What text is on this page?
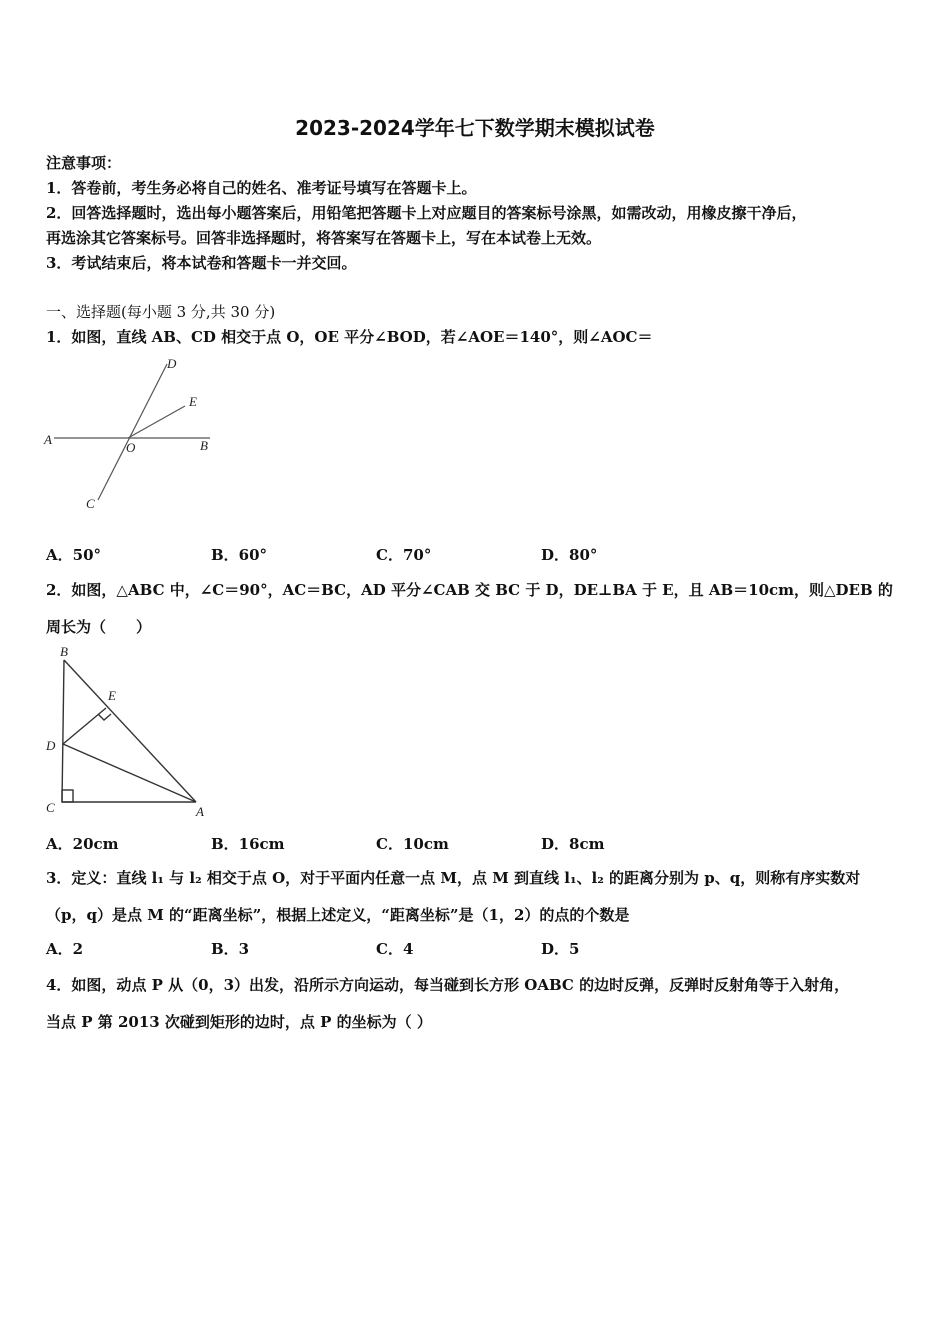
2023-2024学年七下数学期末模拟试卷
注意事项：
1．答卷前，考生务必将自己的姓名、准考证号填写在答题卡上。
2．回答选择题时，选出每小题答案后，用铅笔把答题卡上对应题目的答案标号涂黑，如需改动，用橡皮擦干净后，
再选涂其它答案标号。回答非选择题时，将答案写在答题卡上，写在本试卷上无效。
3．考试结束后，将本试卷和答题卡一并交回。
一、选择题(每小题 3 分,共 30 分)
1．如图，直线 AB、CD 相交于点 O，OE 平分∠BOD，若∠AOE＝140°，则∠AOC＝
D
E
A
O	B
C
A．50°	B．60°	C．70°	D．80°
2．如图，△ABC 中，∠C＝90°，AC＝BC，AD 平分∠CAB 交 BC 于 D，DE⊥BA 于 E，且 AB＝10cm，则△DEB 的
周长为（　　）
B
E
D
C	A
A．20cm	B．16cm	C．10cm	D．8cm
3．定义：直线 l₁ 与 l₂ 相交于点 O，对于平面内任意一点 M，点 M 到直线 l₁、l₂ 的距离分别为 p、q，则称有序实数对
（p，q）是点 M 的“距离坐标”，根据上述定义，“距离坐标”是（1，2）的点的个数是
A．2	B．3	C．4	D．5
4．如图，动点 P 从（0，3）出发，沿所示方向运动，每当碰到长方形 OABC 的边时反弹，反弹时反射角等于入射角，
当点 P 第 2013 次碰到矩形的边时，点 P 的坐标为（ ）
